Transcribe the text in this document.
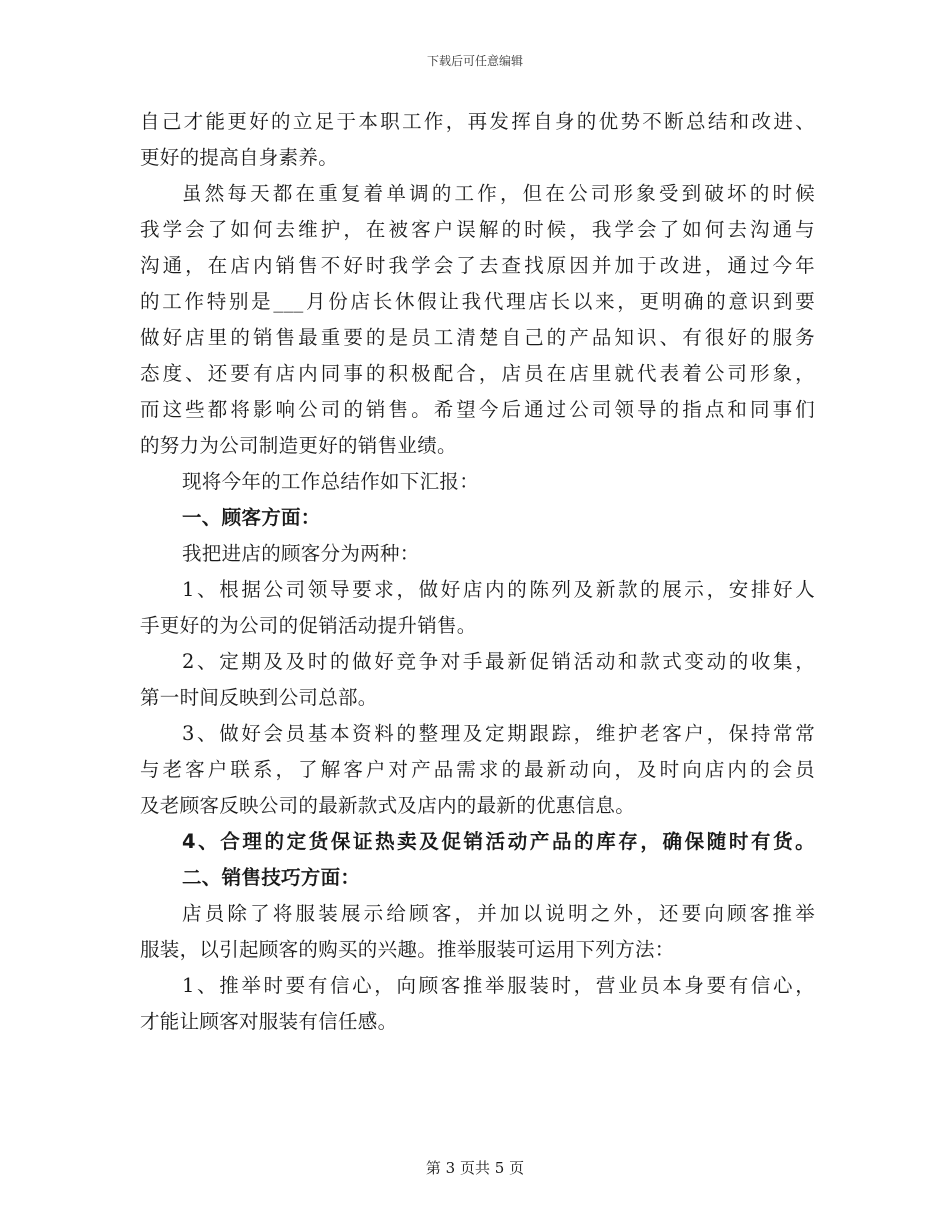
下载后可任意编辑
自己才能更好的立足于本职工作，再发挥自身的优势不断总结和改进、
更好的提高自身素养。
虽然每天都在重复着单调的工作，但在公司形象受到破坏的时候
我学会了如何去维护，在被客户误解的时候，我学会了如何去沟通与
沟通，在店内销售不好时我学会了去查找原因并加于改进，通过今年
的工作特别是___月份店长休假让我代理店长以来，更明确的意识到要
做好店里的销售最重要的是员工清楚自己的产品知识、有很好的服务
态度、还要有店内同事的积极配合，店员在店里就代表着公司形象，
而这些都将影响公司的销售。希望今后通过公司领导的指点和同事们
的努力为公司制造更好的销售业绩。
现将今年的工作总结作如下汇报：
一、顾客方面：
我把进店的顾客分为两种：
1、根据公司领导要求，做好店内的陈列及新款的展示，安排好人
手更好的为公司的促销活动提升销售。
2、定期及及时的做好竞争对手最新促销活动和款式变动的收集，
第一时间反映到公司总部。
3、做好会员基本资料的整理及定期跟踪，维护老客户，保持常常
与老客户联系，了解客户对产品需求的最新动向，及时向店内的会员
及老顾客反映公司的最新款式及店内的最新的优惠信息。
4、合理的定货保证热卖及促销活动产品的库存，确保随时有货。
二、销售技巧方面：
店员除了将服装展示给顾客，并加以说明之外，还要向顾客推举
服装，以引起顾客的购买的兴趣。推举服装可运用下列方法：
1、推举时要有信心，向顾客推举服装时，营业员本身要有信心，
才能让顾客对服装有信任感。
第 3 页共 5 页
